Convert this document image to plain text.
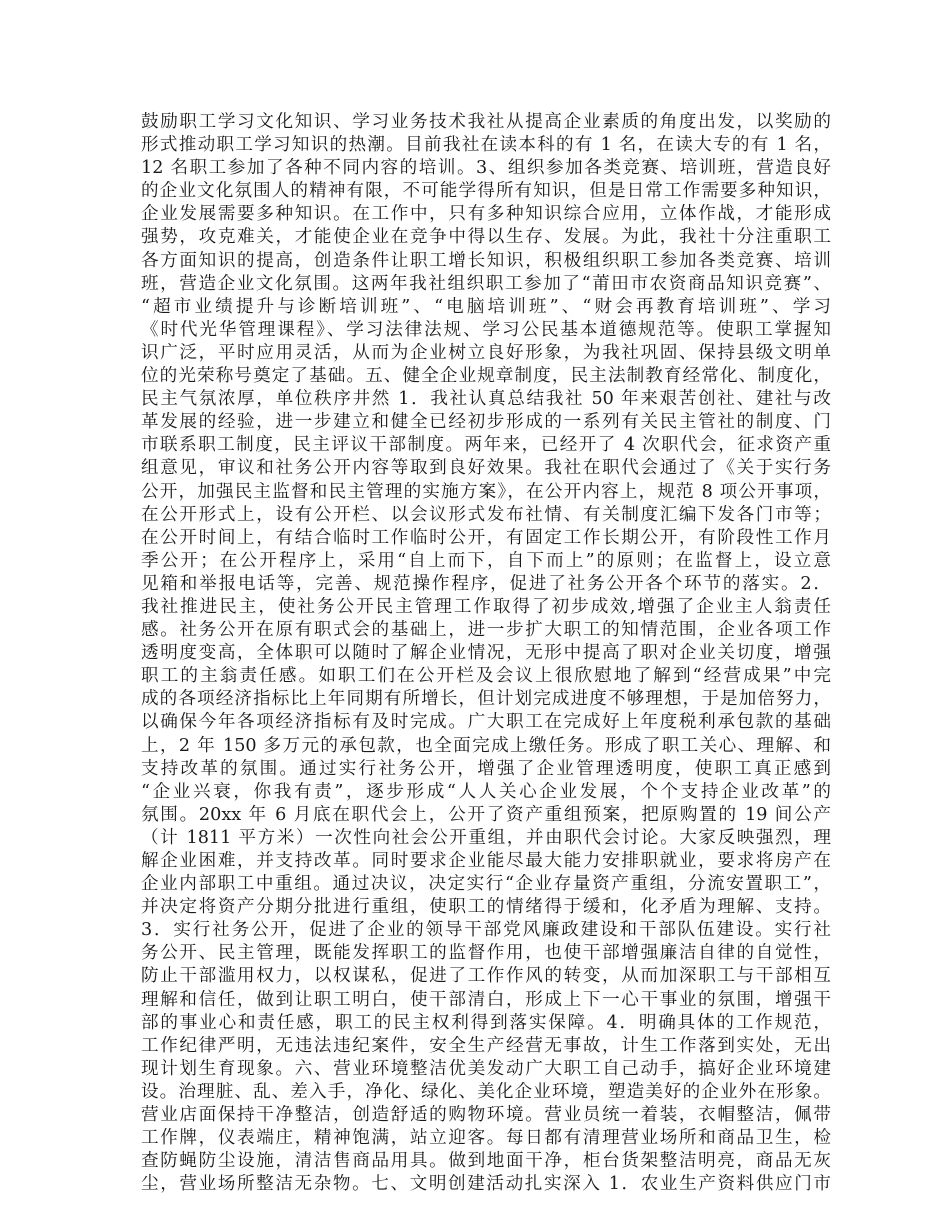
鼓励职工学习文化知识、学习业务技术我社从提高企业素质的角度出发，以奖励的
形式推动职工学习知识的热潮。目前我社在读本科的有 1 名，在读大专的有 1 名，
12 名职工参加了各种不同内容的培训。3、组织参加各类竞赛、培训班，营造良好
的企业文化氛围人的精神有限，不可能学得所有知识，但是日常工作需要多种知识，
企业发展需要多种知识。在工作中，只有多种知识综合应用，立体作战，才能形成
强势，攻克难关，才能使企业在竞争中得以生存、发展。为此，我社十分注重职工
各方面知识的提高，创造条件让职工增长知识，积极组织职工参加各类竞赛、培训
班，营造企业文化氛围。这两年我社组织职工参加了“莆田市农资商品知识竞赛”、
“超市业绩提升与诊断培训班”、“电脑培训班”、“财会再教育培训班”、学习
《时代光华管理课程》、学习法律法规、学习公民基本道德规范等。使职工掌握知
识广泛，平时应用灵活，从而为企业树立良好形象，为我社巩固、保持县级文明单
位的光荣称号奠定了基础。五、健全企业规章制度，民主法制教育经常化、制度化，
民主气氛浓厚，单位秩序井然 1．我社认真总结我社 50 年来艰苦创社、建社与改
革发展的经验，进一步建立和健全已经初步形成的一系列有关民主管社的制度、门
市联系职工制度，民主评议干部制度。两年来，已经开了 4 次职代会，征求资产重
组意见，审议和社务公开内容等取到良好效果。我社在职代会通过了《关于实行务
公开，加强民主监督和民主管理的实施方案》，在公开内容上，规范 8 项公开事项，
在公开形式上，设有公开栏、以会议形式发布社情、有关制度汇编下发各门市等；
在公开时间上，有结合临时工作临时公开，有固定工作长期公开，有阶段性工作月
季公开；在公开程序上，采用“自上而下，自下而上”的原则；在监督上，设立意
见箱和举报电话等，完善、规范操作程序，促进了社务公开各个环节的落实。2．
我社推进民主，使社务公开民主管理工作取得了初步成效,增强了企业主人翁责任
感。社务公开在原有职式会的基础上，进一步扩大职工的知情范围，企业各项工作
透明度变高，全体职可以随时了解企业情况，无形中提高了职对企业关切度，增强
职工的主翁责任感。如职工们在公开栏及会议上很欣慰地了解到“经营成果”中完
成的各项经济指标比上年同期有所增长，但计划完成进度不够理想，于是加倍努力，
以确保今年各项经济指标有及时完成。广大职工在完成好上年度税利承包款的基础
上，2 年 150 多万元的承包款，也全面完成上缴任务。形成了职工关心、理解、和
支持改革的氛围。通过实行社务公开，增强了企业管理透明度，使职工真正感到
“企业兴衰，你我有责”，逐步形成“人人关心企业发展，个个支持企业改革”的
氛围。20xx 年 6 月底在职代会上，公开了资产重组预案，把原购置的 19 间公产
（计 1811 平方米）一次性向社会公开重组，并由职代会讨论。大家反映强烈，理
解企业困难，并支持改革。同时要求企业能尽最大能力安排职就业，要求将房产在
企业内部职工中重组。通过决议，决定实行“企业存量资产重组，分流安置职工”，
并决定将资产分期分批进行重组，使职工的情绪得于缓和，化矛盾为理解、支持。
3．实行社务公开，促进了企业的领导干部党风廉政建设和干部队伍建设。实行社
务公开、民主管理，既能发挥职工的监督作用，也使干部增强廉洁自律的自觉性，
防止干部滥用权力，以权谋私，促进了工作作风的转变，从而加深职工与干部相互
理解和信任，做到让职工明白，使干部清白，形成上下一心干事业的氛围，增强干
部的事业心和责任感，职工的民主权利得到落实保障。4．明确具体的工作规范，
工作纪律严明，无违法违纪案件，安全生产经营无事故，计生工作落到实处，无出
现计划生育现象。六、营业环境整洁优美发动广大职工自己动手，搞好企业环境建
设。治理脏、乱、差入手，净化、绿化、美化企业环境，塑造美好的企业外在形象。
营业店面保持干净整洁，创造舒适的购物环境。营业员统一着装，衣帽整洁，佩带
工作牌，仪表端庄，精神饱满，站立迎客。每日都有清理营业场所和商品卫生，检
查防蝇防尘设施，清洁售商品用具。做到地面干净，柜台货架整洁明亮，商品无灰
尘，营业场所整洁无杂物。七、文明创建活动扎实深入 1．农业生产资料供应门市
